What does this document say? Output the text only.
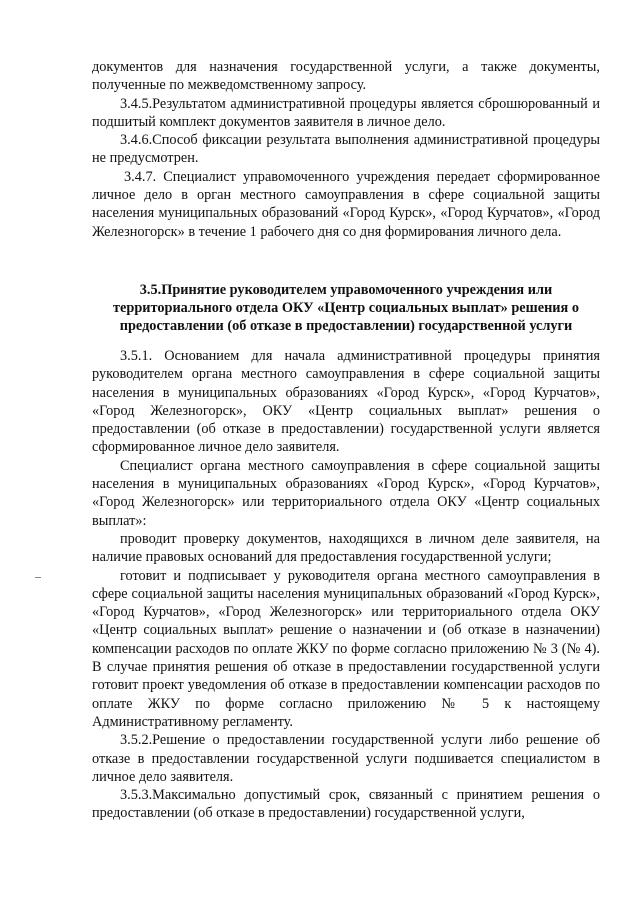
документов для назначения государственной услуги, а также документы, полученные по межведомственному запросу.

3.4.5.Результатом административной процедуры является сброшюрованный и подшитый комплект документов заявителя в личное дело.

3.4.6.Способ фиксации результата выполнения административной процедуры не предусмотрен.

3.4.7. Специалист управомоченного учреждения передает сформированное личное дело в орган местного самоуправления в сфере социальной защиты населения муниципальных образований «Город Курск», «Город Курчатов», «Город Железногорск» в течение 1 рабочего дня со дня формирования личного дела.

3.5.Принятие руководителем управомоченного учреждения или территориального отдела ОКУ «Центр социальных выплат» решения о предоставлении (об отказе в предоставлении) государственной услуги

3.5.1. Основанием для начала административной процедуры принятия руководителем органа местного самоуправления в сфере социальной защиты населения в муниципальных образованиях «Город Курск», «Город Курчатов», «Город Железногорск», ОКУ «Центр социальных выплат» решения о предоставлении (об отказе в предоставлении) государственной услуги является сформированное личное дело заявителя.

Специалист органа местного самоуправления в сфере социальной защиты населения в муниципальных образованиях «Город Курск», «Город Курчатов», «Город Железногорск» или территориального отдела ОКУ «Центр социальных выплат»:

проводит проверку документов, находящихся в личном деле заявителя, на наличие правовых оснований для предоставления государственной услуги;

готовит и подписывает у руководителя органа местного самоуправления в сфере социальной защиты населения муниципальных образований «Город Курск», «Город Курчатов», «Город Железногорск» или территориального отдела ОКУ «Центр социальных выплат» решение о назначении и (об отказе в назначении) компенсации расходов по оплате ЖКУ по форме согласно приложению № 3 (№ 4). В случае принятия решения об отказе в предоставлении государственной услуги готовит проект уведомления об отказе в предоставлении компенсации расходов по оплате ЖКУ по форме согласно приложению № 5 к настоящему Административному регламенту.

3.5.2.Решение о предоставлении государственной услуги либо решение об отказе в предоставлении государственной услуги подшивается специалистом в личное дело заявителя.

3.5.3.Максимально допустимый срок, связанный с принятием решения о предоставлении (об отказе в предоставлении) государственной услуги,
